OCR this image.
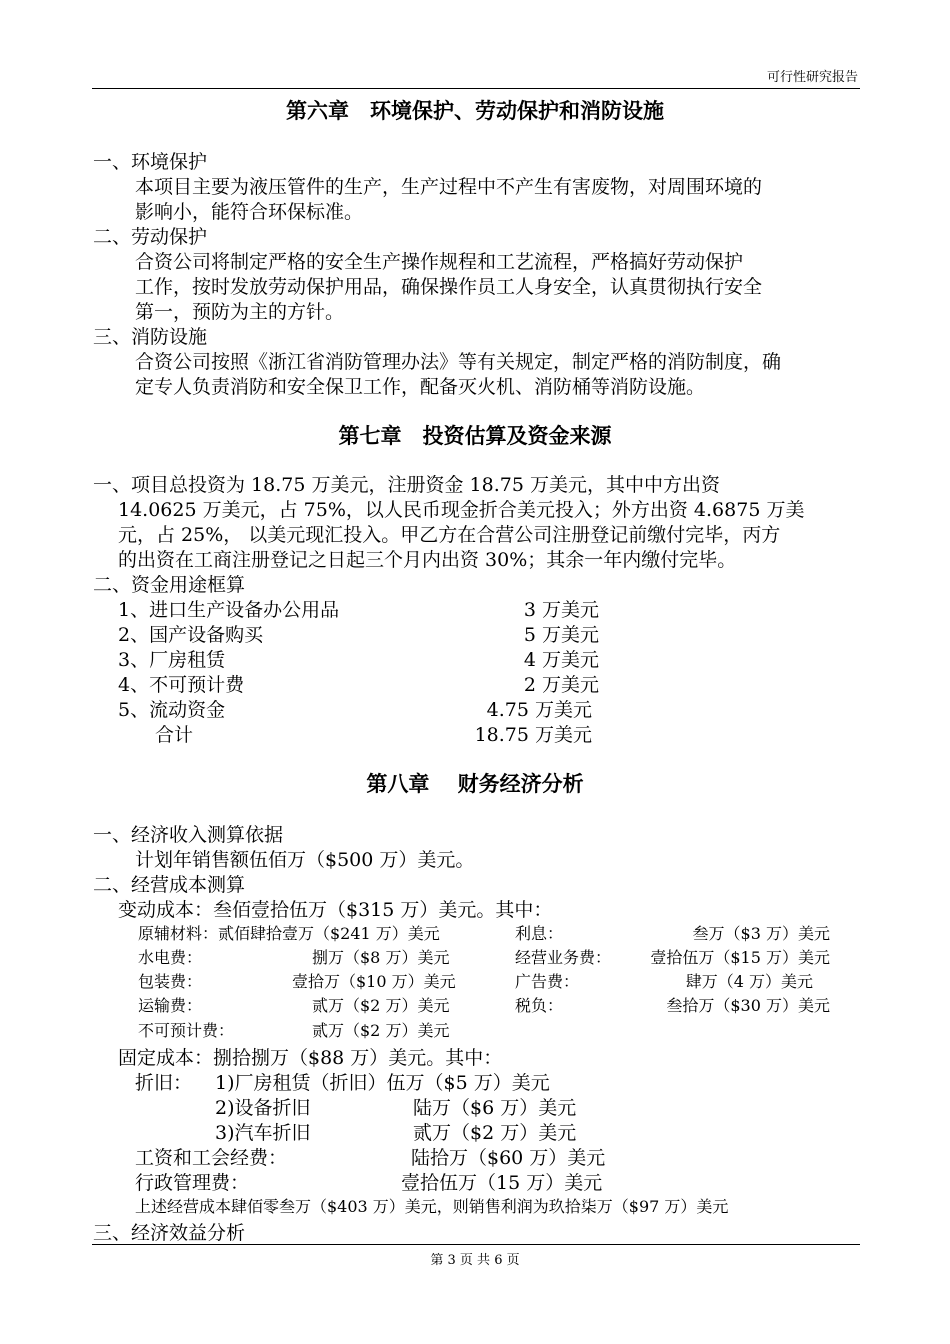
可行性研究报告
第六章　环境保护、劳动保护和消防设施
一、环境保护
本项目主要为液压管件的生产，生产过程中不产生有害废物，对周围环境的
影响小，能符合环保标准。
二、劳动保护
合资公司将制定严格的安全生产操作规程和工艺流程，严格搞好劳动保护
工作，按时发放劳动保护用品，确保操作员工人身安全，认真贯彻执行安全
第一，预防为主的方针。
三、消防设施
合资公司按照《浙江省消防管理办法》等有关规定，制定严格的消防制度，确
定专人负责消防和安全保卫工作，配备灭火机、消防桶等消防设施。
第七章　投资估算及资金来源
一、项目总投资为 18.75 万美元，注册资金 18.75 万美元，其中中方出资
14.0625 万美元，占 75%，以人民币现金折合美元投入；外方出资 4.6875 万美
元，占 25%， 以美元现汇投入。甲乙方在合营公司注册登记前缴付完毕，丙方
的出资在工商注册登记之日起三个月内出资 30%；其余一年内缴付完毕。
二、资金用途框算
1、进口生产设备办公用品	3 万美元
2、国产设备购买	5 万美元
3、厂房租赁	4 万美元
4、不可预计费	2 万美元
5、流动资金	4.75 万美元
合计	18.75 万美元
第八章　 财务经济分析
一、经济收入测算依据
计划年销售额伍佰万（$500 万）美元。
二、经营成本测算
变动成本：叁佰壹拾伍万（$315 万）美元。其中：
原辅材料：贰佰肆拾壹万（$241 万）美元	利息：	叁万（$3 万）美元
水电费：	捌万（$8 万）美元	经营业务费： 壹拾伍万（$15 万）美元
包装费：	壹拾万（$10 万）美元	广告费：	肆万（4 万）美元
运输费：	贰万（$2 万）美元	税负：	叁拾万（$30 万）美元
不可预计费：	贰万（$2 万）美元
固定成本：捌拾捌万（$88 万）美元。其中：
折旧： 1)厂房租赁（折旧）伍万（$5 万）美元
2)设备折旧	陆万（$6 万）美元
3)汽车折旧	贰万（$2 万）美元
工资和工会经费：	陆拾万（$60 万）美元
行政管理费：	壹拾伍万（15 万）美元
上述经营成本肆佰零叁万（$403 万）美元，则销售利润为玖拾柒万（$97 万）美元
三、经济效益分析
第 3 页 共 6 页
